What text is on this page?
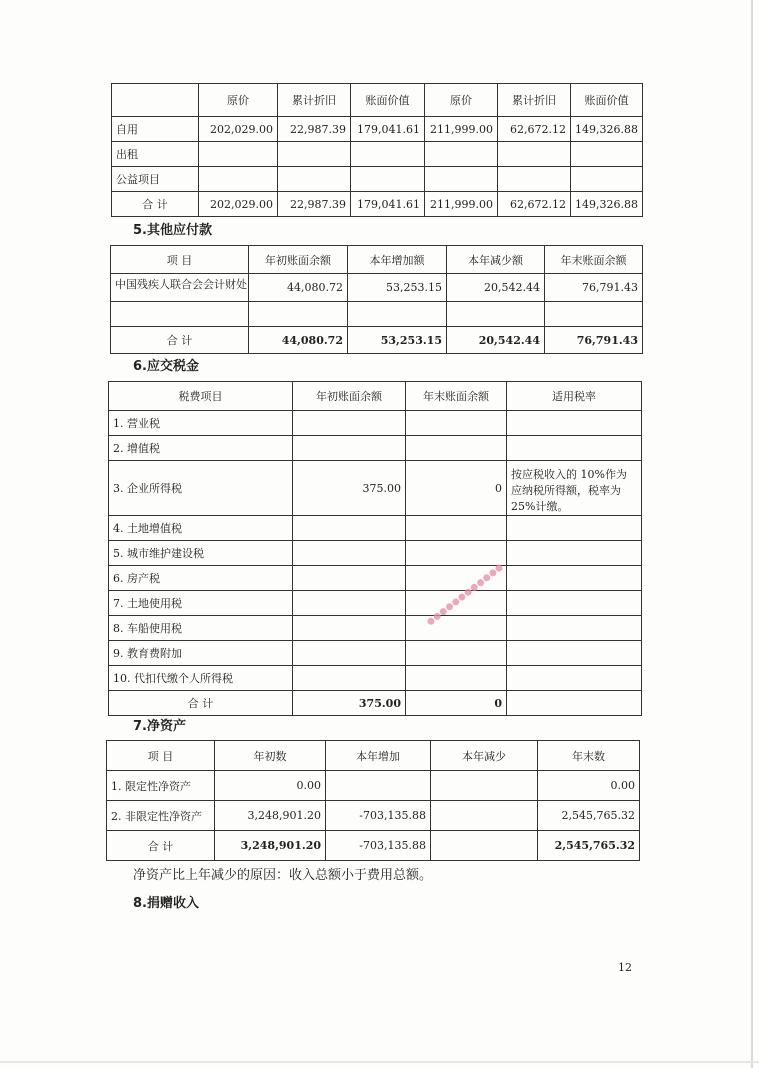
	原价	累计折旧	账面价值	原价	累计折旧	账面价值
自用	202,029.00	22,987.39	179,041.61	211,999.00	62,672.12	149,326.88
出租						
公益项目						
合 计	202,029.00	22,987.39	179,041.61	211,999.00	62,672.12	149,326.88
5.其他应付款
项 目	年初账面余额	本年增加额	本年减少额	年末账面余额
中国残疾人联合会会计财处	44,080.72	53,253.15	20,542.44	76,791.43

合 计	44,080.72	53,253.15	20,542.44	76,791.43
6.应交税金
税费项目	年初账面余额	年末账面余额	适用税率
1. 营业税			
2. 增值税			
3. 企业所得税	375.00	0	按应税收入的 10%作为应纳税所得额，税率为25%计缴。
4. 土地增值税			
5. 城市维护建设税			
6. 房产税			
7. 土地使用税			
8. 车船使用税			
9. 教育费附加			
10. 代扣代缴个人所得税			
合 计	375.00	0	
●●●●●●●●●●●●
7.净资产
项 目	年初数	本年增加	本年减少	年末数
1. 限定性净资产	0.00			0.00
2. 非限定性净资产	3,248,901.20	-703,135.88		2,545,765.32
合 计	3,248,901.20	-703,135.88		2,545,765.32
净资产比上年减少的原因：收入总额小于费用总额。
8.捐赠收入
12
